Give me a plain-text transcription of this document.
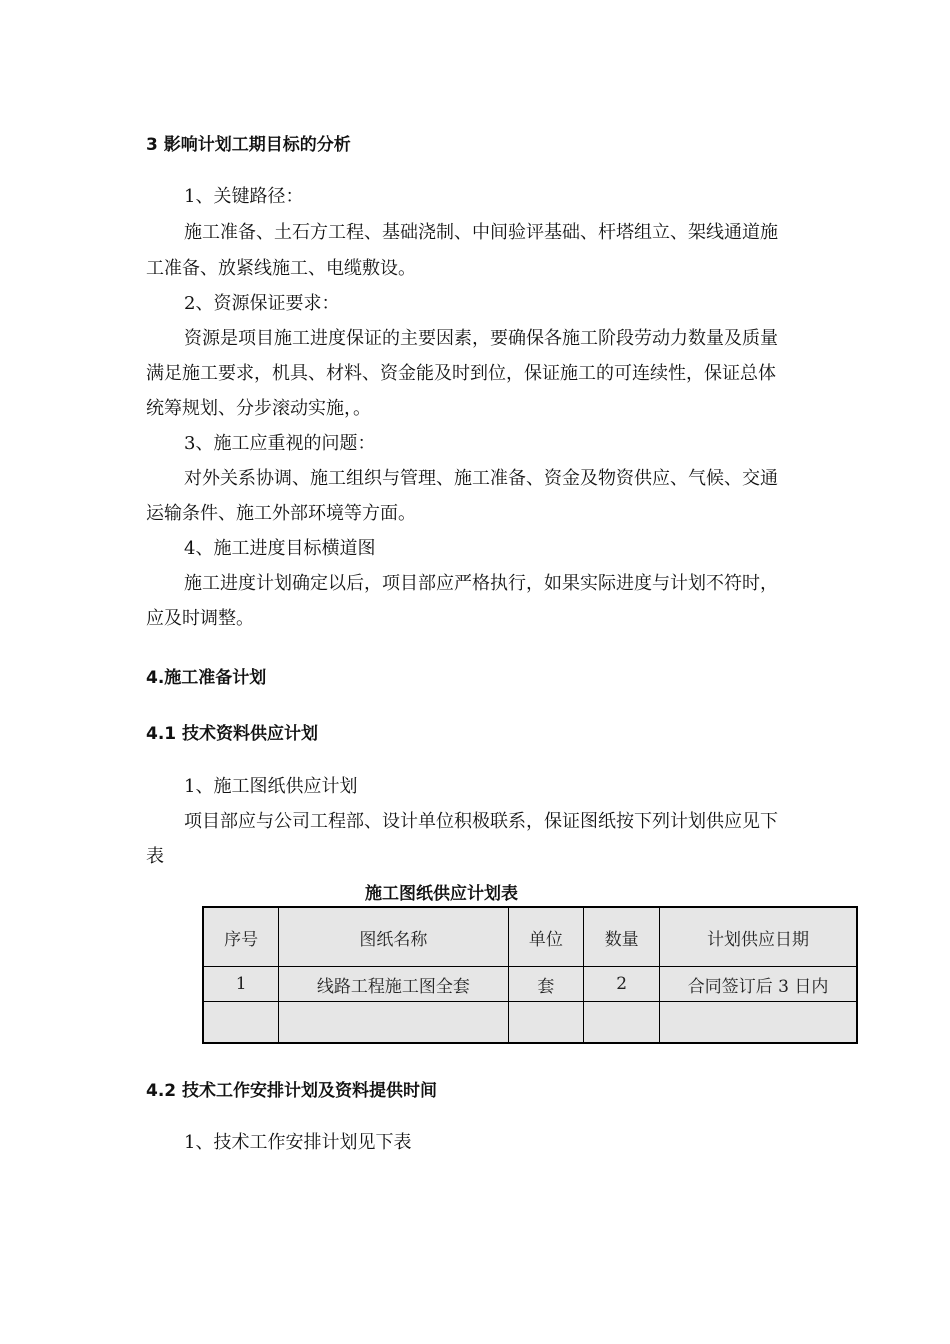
3 影响计划工期目标的分析
1、关键路径：
施工准备、土石方工程、基础浇制、中间验评基础、杆塔组立、架线通道施
工准备、放紧线施工、电缆敷设。
2、资源保证要求：
资源是项目施工进度保证的主要因素，要确保各施工阶段劳动力数量及质量
满足施工要求，机具、材料、资金能及时到位，保证施工的可连续性，保证总体
统筹规划、分步滚动实施，。
3、施工应重视的问题：
对外关系协调、施工组织与管理、施工准备、资金及物资供应、气候、交通
运输条件、施工外部环境等方面。
4、施工进度目标横道图
施工进度计划确定以后，项目部应严格执行，如果实际进度与计划不符时，
应及时调整。
4.施工准备计划
4.1 技术资料供应计划
1、施工图纸供应计划
项目部应与公司工程部、设计单位积极联系，保证图纸按下列计划供应见下
表
施工图纸供应计划表
序号	图纸名称	单位	数量	计划供应日期
1	线路工程施工图全套	套	2	合同签订后 3 日内

4.2 技术工作安排计划及资料提供时间
1、技术工作安排计划见下表
